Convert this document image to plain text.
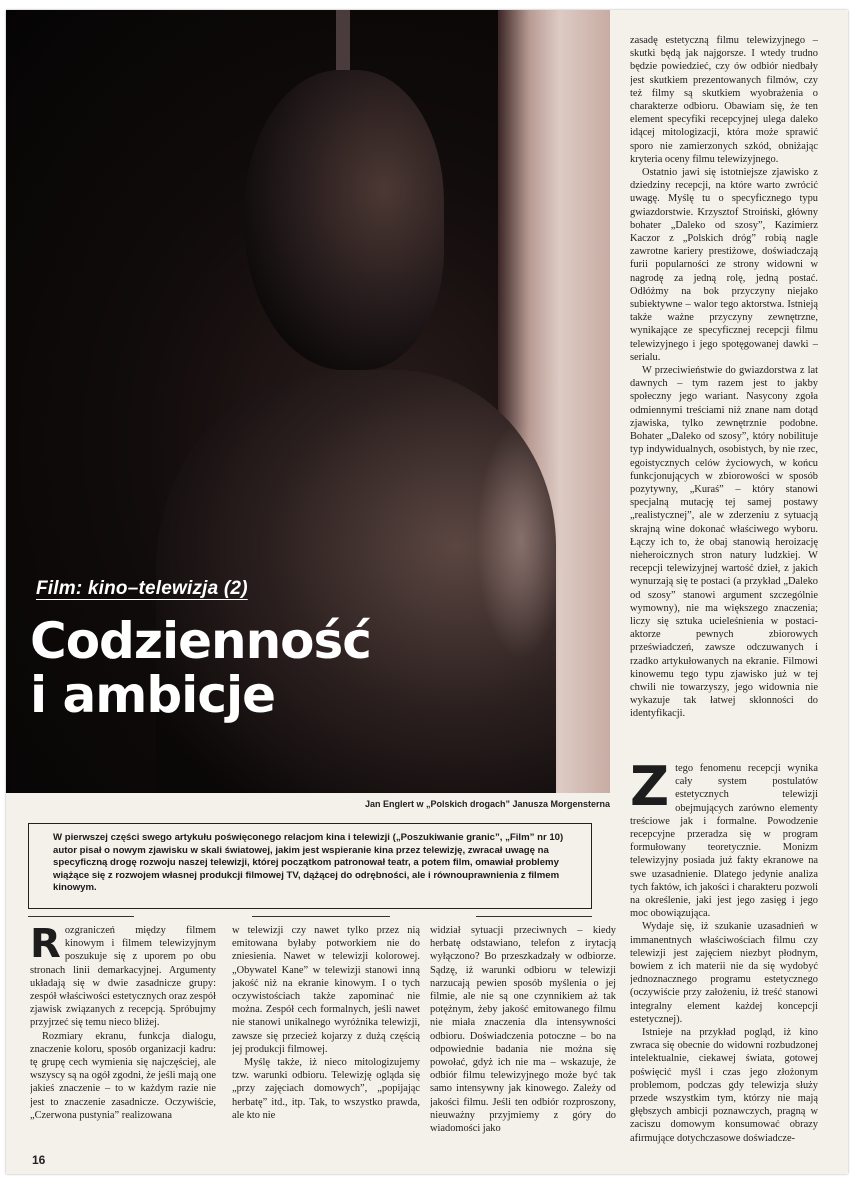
Film: kino–telewizja (2)

Codzienność
i ambicje

Jan Englert w „Polskich drogach” Janusza Morgensterna

W pierwszej części swego artykułu poświęconego relacjom kina i telewizji („Poszukiwanie granic”, „Film” nr 10) autor pisał o nowym zjawisku w skali światowej, jakim jest wspieranie kina przez telewizję, zwracał uwagę na specyficzną drogę rozwoju naszej telewizji, której początkom patronował teatr, a potem film, omawiał problemy wiążące się z rozwojem własnej produkcji filmowej TV, dążącej do odrębności, ale i równouprawnienia z filmem kinowym.

Rozgraniczeń między filmem kinowym i filmem telewizyjnym poszukuje się z uporem po obu stronach linii demarkacyjnej. Argumenty układają się w dwie zasadnicze grupy: zespół właściwości estetycznych oraz zespół zjawisk związanych z recepcją. Spróbujmy przyjrzeć się temu nieco bliżej.

Rozmiary ekranu, funkcja dialogu, znaczenie koloru, sposób organizacji kadru: tę grupę cech wymienia się najczęściej, ale wszyscy są na ogół zgodni, że jeśli mają one jakieś znaczenie – to w każdym razie nie jest to znaczenie zasadnicze. Oczywiście, „Czerwona pustynia” realizowana

w telewizji czy nawet tylko przez nią emitowana byłaby potworkiem nie do zniesienia. Nawet w telewizji kolorowej. „Obywatel Kane” w telewizji stanowi inną jakość niż na ekranie kinowym. I o tych oczywistościach także zapominać nie można. Zespół cech formalnych, jeśli nawet nie stanowi unikalnego wyróżnika telewizji, zawsze się przecież kojarzy z dużą częścią jej produkcji filmowej.

Myślę także, iż nieco mitologizujemy tzw. warunki odbioru. Telewizję ogląda się „przy zajęciach domowych”, „popijając herbatę” itd., itp. Tak, to wszystko prawda, ale kto nie

widział sytuacji przeciwnych – kiedy herbatę odstawiano, telefon z irytacją wyłączono? Bo przeszkadzały w odbiorze. Sądzę, iż warunki odbioru w telewizji narzucają pewien sposób myślenia o jej filmie, ale nie są one czynnikiem aż tak potężnym, żeby jakość emitowanego filmu nie miała znaczenia dla intensywności odbioru. Doświadczenia potoczne – bo na odpowiednie badania nie można się powołać, gdyż ich nie ma – wskazuje, że odbiór filmu telewizyjnego może być tak samo intensywny jak kinowego. Zależy od jakości filmu. Jeśli ten odbiór rozproszony, nieuważny przyjmiemy z góry do wiadomości jako

zasadę estetyczną filmu telewizyjnego – skutki będą jak najgorsze. I wtedy trudno będzie powiedzieć, czy ów odbiór niedbały jest skutkiem prezentowanych filmów, czy też filmy są skutkiem wyobrażenia o charakterze odbioru. Obawiam się, że ten element specyfiki recepcyjnej ulega daleko idącej mitologizacji, która może sprawić sporo nie zamierzonych szkód, obniżając kryteria oceny filmu telewizyjnego.

Ostatnio jawi się istotniejsze zjawisko z dziedziny recepcji, na które warto zwrócić uwagę. Myślę tu o specyficznego typu gwiazdorstwie. Krzysztof Stroiński, główny bohater „Daleko od szosy”, Kazimierz Kaczor z „Polskich dróg” robią nagle zawrotne kariery prestiżowe, doświadczają furii popularności ze strony widowni w nagrodę za jedną rolę, jedną postać. Odłóżmy na bok przyczyny niejako subiektywne – walor tego aktorstwa. Istnieją także ważne przyczyny zewnętrzne, wynikające ze specyficznej recepcji filmu telewizyjnego i jego spotęgowanej dawki – serialu.

W przeciwieństwie do gwiazdorstwa z lat dawnych – tym razem jest to jakby społeczny jego wariant. Nasycony zgoła odmiennymi treściami niż znane nam dotąd zjawiska, tylko zewnętrznie podobne. Bohater „Daleko od szosy”, który nobilituje typ indywidualnych, osobistych, by nie rzec, egoistycznych celów życiowych, w końcu funkcjonujących w zbiorowości w sposób pozytywny, „Kuraś” – który stanowi specjalną mutację tej samej postawy „realistycznej”, ale w zderzeniu z sytuacją skrajną wine dokonać właściwego wyboru. Łączy ich to, że obaj stanowią heroizację nieheroicznych stron natury ludzkiej. W recepcji telewizyjnej wartość dzieł, z jakich wynurzają się te postaci (a przykład „Daleko od szosy” stanowi argument szczególnie wymowny), nie ma większego znaczenia; liczy się sztuka ucieleśnienia w postaci-aktorze pewnych zbiorowych przeświadczeń, zawsze odczuwanych i rzadko artykułowanych na ekranie. Filmowi kinowemu tego typu zjawisko już w tej chwili nie towarzyszy, jego widownia nie wykazuje tak łatwej skłonności do identyfikacji.

Ztego fenomenu recepcji wynika cały system postulatów estetycznych telewizji obejmujących zarówno elementy treściowe jak i formalne. Powodzenie recepcyjne przeradza się w program formułowany teoretycznie. Monizm telewizyjny posiada już fakty ekranowe na swe uzasadnienie. Dlatego jedynie analiza tych faktów, ich jakości i charakteru pozwoli na określenie, jaki jest jego zasięg i jego moc obowiązująca.

Wydaje się, iż szukanie uzasadnień w immanentnych właściwościach filmu czy telewizji jest zajęciem niezbyt płodnym, bowiem z ich materii nie da się wydobyć jednoznacznego programu estetycznego (oczywiście przy założeniu, iż treść stanowi integralny element każdej koncepcji estetycznej).

Istnieje na przykład pogląd, iż kino zwraca się obecnie do widowni rozbudzonej intelektualnie, ciekawej świata, gotowej poświęcić myśl i czas jego złożonym problemom, podczas gdy telewizja służy przede wszystkim tym, którzy nie mają głębszych ambicji poznawczych, pragną w zaciszu domowym konsumować obrazy afirmujące dotychczasowe doświadcze-

16
